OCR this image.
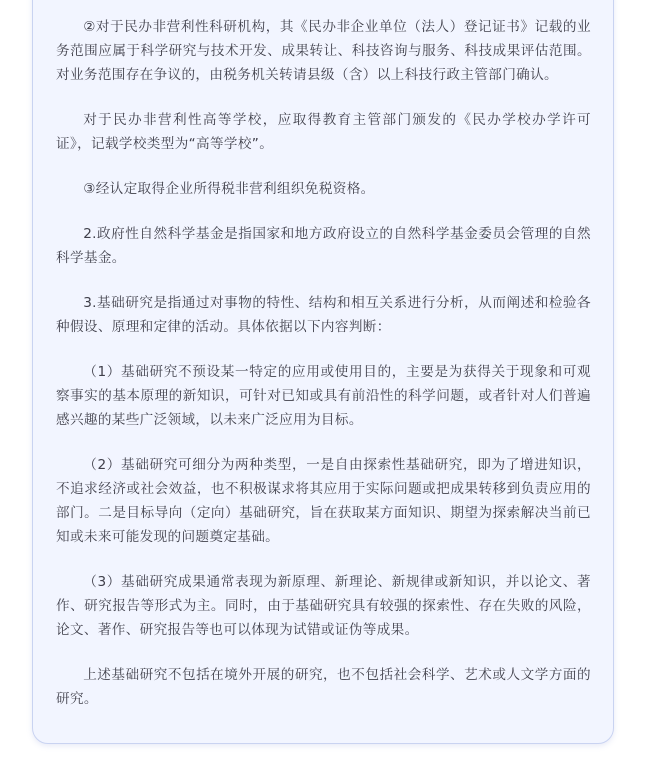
②对于民办非营利性科研机构，其《民办非企业单位（法人）登记证书》记载的业务范围应属于科学研究与技术开发、成果转让、科技咨询与服务、科技成果评估范围。对业务范围存在争议的，由税务机关转请县级（含）以上科技行政主管部门确认。

对于民办非营利性高等学校，应取得教育主管部门颁发的《民办学校办学许可证》，记载学校类型为“高等学校”。

③经认定取得企业所得税非营利组织免税资格。

2.政府性自然科学基金是指国家和地方政府设立的自然科学基金委员会管理的自然科学基金。

3.基础研究是指通过对事物的特性、结构和相互关系进行分析，从而阐述和检验各种假设、原理和定律的活动。具体依据以下内容判断：

（1）基础研究不预设某一特定的应用或使用目的，主要是为获得关于现象和可观察事实的基本原理的新知识，可针对已知或具有前沿性的科学问题，或者针对人们普遍感兴趣的某些广泛领域，以未来广泛应用为目标。

（2）基础研究可细分为两种类型，一是自由探索性基础研究，即为了增进知识，不追求经济或社会效益，也不积极谋求将其应用于实际问题或把成果转移到负责应用的部门。二是目标导向（定向）基础研究，旨在获取某方面知识、期望为探索解决当前已知或未来可能发现的问题奠定基础。

（3）基础研究成果通常表现为新原理、新理论、新规律或新知识，并以论文、著作、研究报告等形式为主。同时，由于基础研究具有较强的探索性、存在失败的风险，论文、著作、研究报告等也可以体现为试错或证伪等成果。

上述基础研究不包括在境外开展的研究，也不包括社会科学、艺术或人文学方面的研究。
